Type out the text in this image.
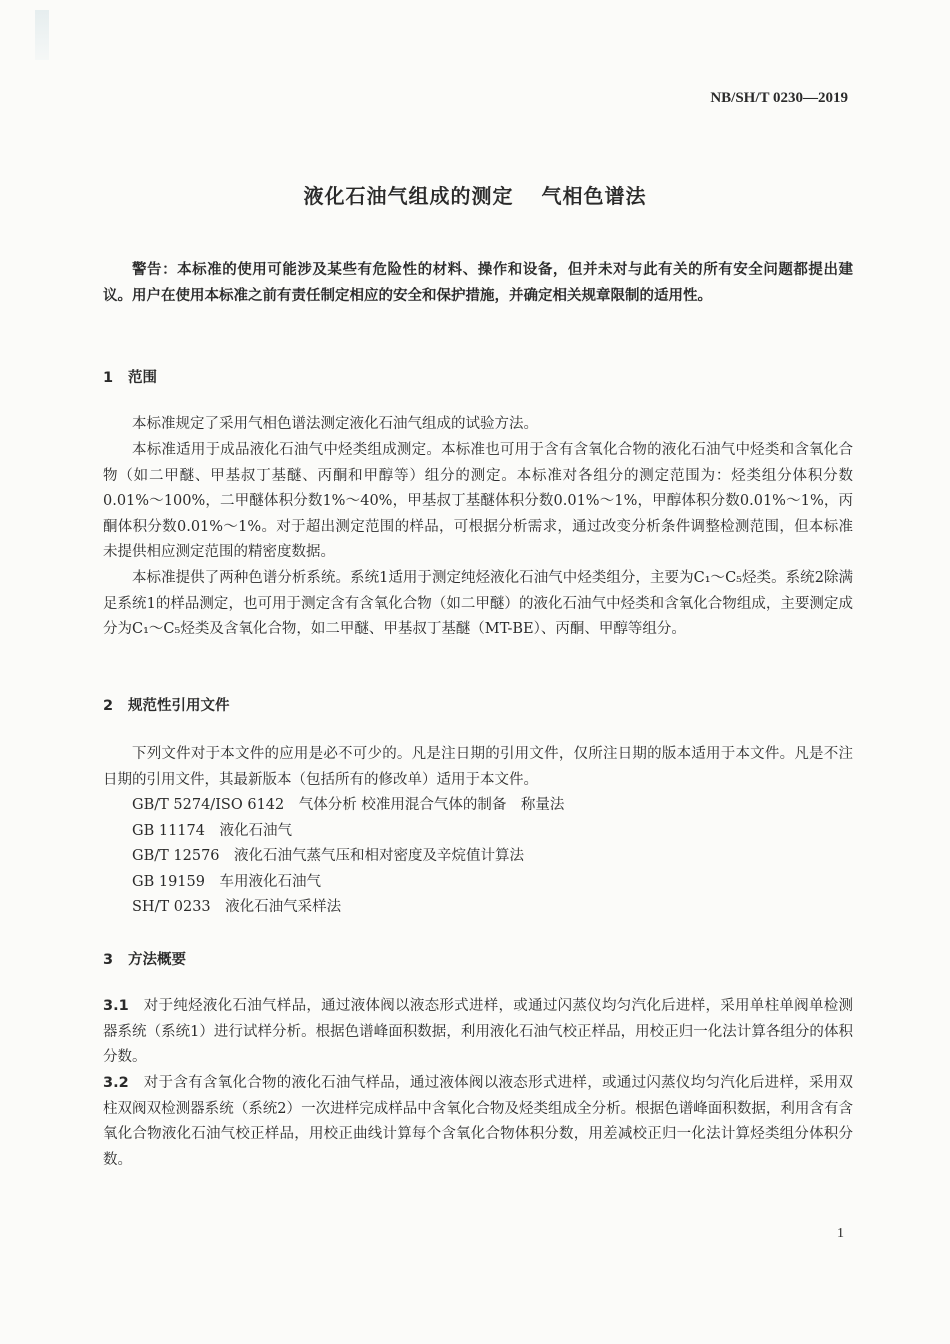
NB/SH/T 0230—2019
液化石油气组成的测定 气相色谱法
警告：本标准的使用可能涉及某些有危险性的材料、操作和设备，但并未对与此有关的所有安全问题都提出建议。用户在使用本标准之前有责任制定相应的安全和保护措施，并确定相关规章限制的适用性。
1 范围
本标准规定了采用气相色谱法测定液化石油气组成的试验方法。
本标准适用于成品液化石油气中烃类组成测定。本标准也可用于含有含氧化合物的液化石油气中烃类和含氧化合物（如二甲醚、甲基叔丁基醚、丙酮和甲醇等）组分的测定。本标准对各组分的测定范围为：烃类组分体积分数0.01%～100%，二甲醚体积分数1%～40%，甲基叔丁基醚体积分数0.01%～1%，甲醇体积分数0.01%～1%，丙酮体积分数0.01%～1%。对于超出测定范围的样品，可根据分析需求，通过改变分析条件调整检测范围，但本标准未提供相应测定范围的精密度数据。
本标准提供了两种色谱分析系统。系统1适用于测定纯烃液化石油气中烃类组分，主要为C₁～C₅烃类。系统2除满足系统1的样品测定，也可用于测定含有含氧化合物（如二甲醚）的液化石油气中烃类和含氧化合物组成，主要测定成分为C₁～C₅烃类及含氧化合物，如二甲醚、甲基叔丁基醚（MT-BE）、丙酮、甲醇等组分。
2 规范性引用文件
下列文件对于本文件的应用是必不可少的。凡是注日期的引用文件，仅所注日期的版本适用于本文件。凡是不注日期的引用文件，其最新版本（包括所有的修改单）适用于本文件。
GB/T 5274/ISO 6142　 气体分析 校准用混合气体的制备　称量法
GB 11174　 液化石油气
GB/T 12576　 液化石油气蒸气压和相对密度及辛烷值计算法
GB 19159　 车用液化石油气
SH/T 0233　 液化石油气采样法
3 方法概要
3.1　 对于纯烃液化石油气样品，通过液体阀以液态形式进样，或通过闪蒸仪均匀汽化后进样，采用单柱单阀单检测器系统（系统1）进行试样分析。根据色谱峰面积数据，利用液化石油气校正样品，用校正归一化法计算各组分的体积分数。
3.2　 对于含有含氧化合物的液化石油气样品，通过液体阀以液态形式进样，或通过闪蒸仪均匀汽化后进样，采用双柱双阀双检测器系统（系统2）一次进样完成样品中含氧化合物及烃类组成全分析。根据色谱峰面积数据，利用含有含氧化合物液化石油气校正样品，用校正曲线计算每个含氧化合物体积分数，用差减校正归一化法计算烃类组分体积分数。
1
